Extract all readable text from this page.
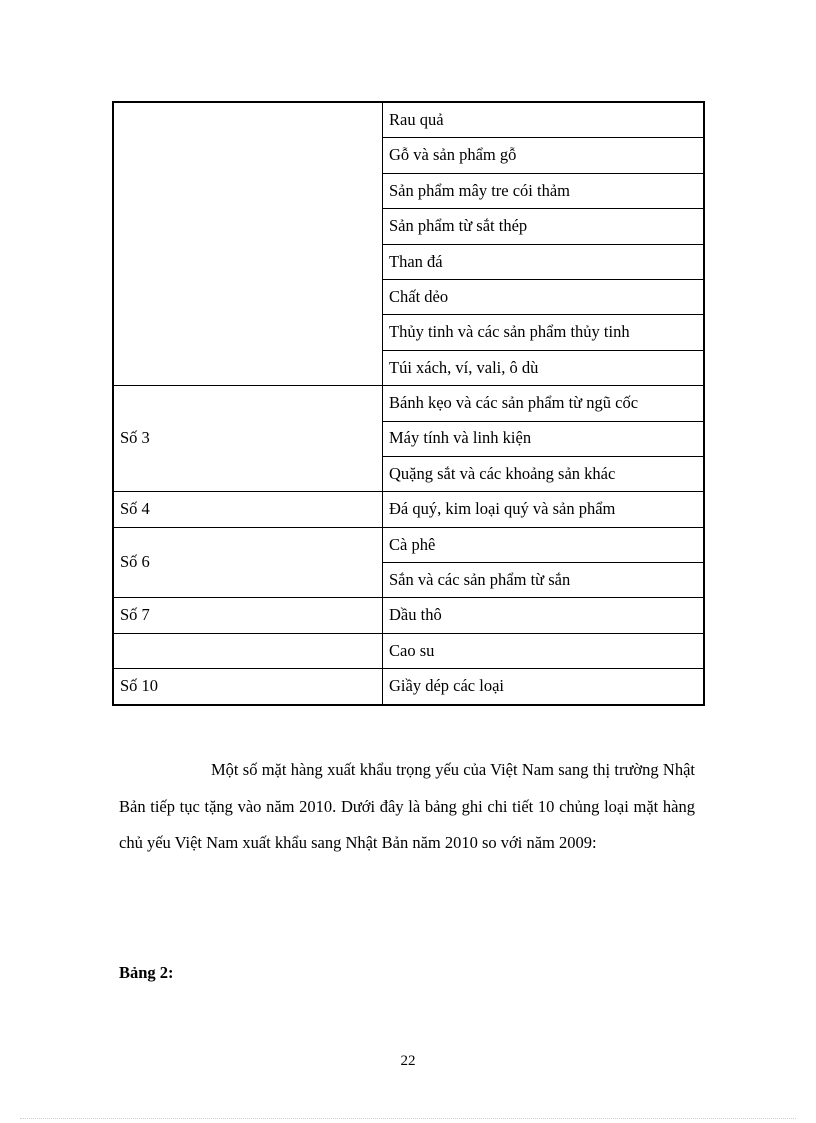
	Rau quả
	Gỗ và sản phẩm gỗ
	Sản phẩm mây tre cói thảm
	Sản phẩm từ sắt thép
	Than đá
	Chất dẻo
	Thủy tinh và các sản phẩm thủy tinh
	Túi xách, ví, vali, ô dù
Số 3	Bánh kẹo và các sản phẩm từ ngũ cốc
	Máy tính và linh kiện
	Quặng sắt và các khoảng sản khác
Số 4	Đá quý, kim loại quý và sản phẩm
Số 6	Cà phê
	Sắn và các sản phẩm từ sắn
Số 7	Dầu thô
	Cao su
Số 10	Giầy dép các loại

Một số mặt hàng xuất khẩu trọng yếu của Việt Nam sang thị trường Nhật Bản tiếp tục tặng vào năm 2010. Dưới đây là bảng ghi chi tiết 10 chủng loại mặt hàng chủ yếu Việt Nam xuất khẩu sang Nhật Bản năm 2010 so với năm 2009:

Bảng 2:

22
